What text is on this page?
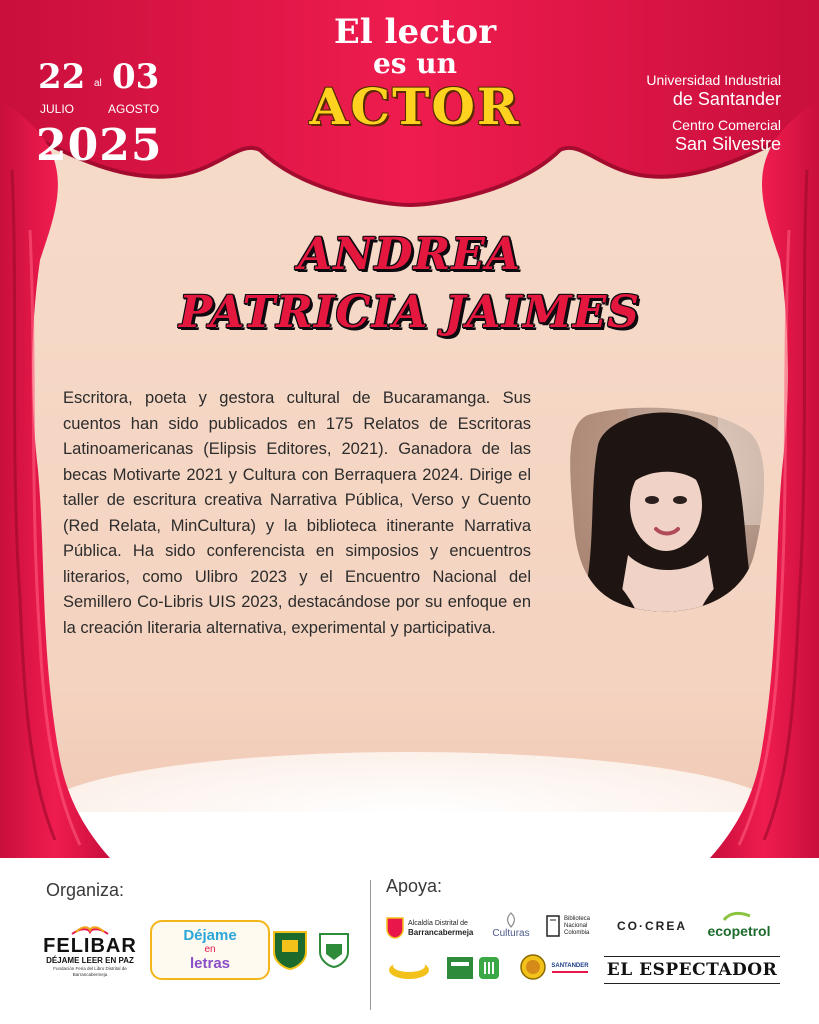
22 al 03
JULIO	AGOSTO
2025
El lector
es un
ACTOR	Universidad Industrial
de Santander
Centro Comercial
San Silvestre
ANDREA
PATRICIA JAIMES
Escritora, poeta y gestora cultural de Bucaramanga. Sus cuentos han sido publicados en 175 Relatos de Escritoras Latinoamericanas (Elipsis Editores, 2021). Ganadora de las becas Motivarte 2021 y Cultura con Berraquera 2024. Dirige el taller de escritura creativa Narrativa Pública, Verso y Cuento (Red Relata, MinCultura) y la biblioteca itinerante Narrativa Pública. Ha sido conferencista en simposios y encuentros literarios, como Ulibro 2023 y el Encuentro Nacional del Semillero Co-Libris UIS 2023, destacándose por su enfoque en la creación literaria alternativa, experimental y participativa.
Organiza:	Apoya:
FELIBAR
DÉJAME LEER EN PAZ
Fundación Feria del Libro Distrital de Barrancabermeja
Déjame
en
letras
Alcaldía Distrital de
Barrancabermeja Culturas
Biblioteca
Nacional
Colombia CO·CREA ecopetrol
SANTANDER EL ESPECTADOR
